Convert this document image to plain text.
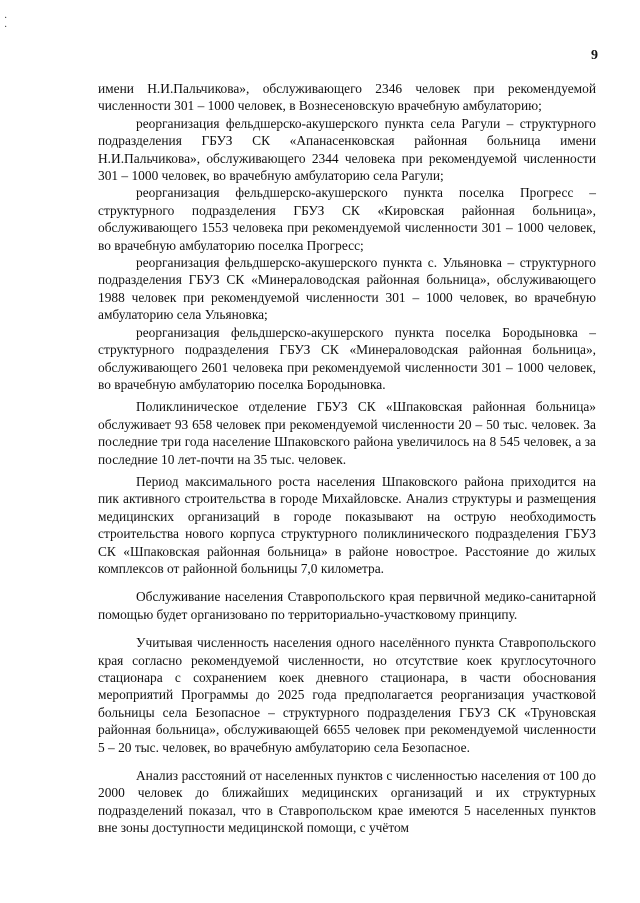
·
·
9

имени Н.И.Пальчикова», обслуживающего 2346 человек при рекомендуемой численности 301 – 1000 человек, в Вознесеновскую врачебную амбулаторию;

реорганизация фельдшерско-акушерского пункта села Рагули – структурного подразделения ГБУЗ СК «Апанасенковская районная больница имени Н.И.Пальчикова», обслуживающего 2344 человека при рекомендуемой численности 301 – 1000 человек, во врачебную амбулаторию села Рагули;

реорганизация фельдшерско-акушерского пункта поселка Прогресс – структурного подразделения ГБУЗ СК «Кировская районная больница», обслуживающего 1553 человека при рекомендуемой численности 301 – 1000 человек, во врачебную амбулаторию поселка Прогресс;

реорганизация фельдшерско-акушерского пункта с. Ульяновка – структурного подразделения ГБУЗ СК «Минераловодская районная больница», обслуживающего 1988 человек при рекомендуемой численности 301 – 1000 человек, во врачебную амбулаторию села Ульяновка;

реорганизация фельдшерско-акушерского пункта поселка Бородыновка – структурного подразделения ГБУЗ СК «Минераловодская районная больница», обслуживающего 2601 человека при рекомендуемой численности 301 – 1000 человек, во врачебную амбулаторию поселка Бородыновка.

Поликлиническое отделение ГБУЗ СК «Шпаковская районная больница» обслуживает 93 658 человек при рекомендуемой численности 20 – 50 тыс. человек. За последние три года население Шпаковского района увеличилось на 8 545 человек, а за последние 10 лет-почти на 35 тыс. человек.

Период максимального роста населения Шпаковского района приходится на пик активного строительства в городе Михайловске. Анализ структуры и размещения медицинских организаций в городе показывают на острую необходимость строительства нового корпуса структурного поликлинического подразделения ГБУЗ СК «Шпаковская районная больница» в районе новострое. Расстояние до жилых комплексов от районной больницы 7,0 километра.

Обслуживание населения Ставропольского края первичной медико-санитарной помощью будет организовано по территориально-участковому принципу.

Учитывая численность населения одного населённого пункта Ставропольского края согласно рекомендуемой численности, но отсутствие коек круглосуточного стационара с сохранением коек дневного стационара, в части обоснования мероприятий Программы до 2025 года предполагается реорганизация участковой больницы села Безопасное – структурного подразделения ГБУЗ СК «Труновская районная больница», обслуживающей 6655 человек при рекомендуемой численности 5 – 20 тыс. человек, во врачебную амбулаторию села Безопасное.

Анализ расстояний от населенных пунктов с численностью населения от 100 до 2000 человек до ближайших медицинских организаций и их структурных подразделений показал, что в Ставропольском крае имеются 5 населенных пунктов вне зоны доступности медицинской помощи, с учётом
